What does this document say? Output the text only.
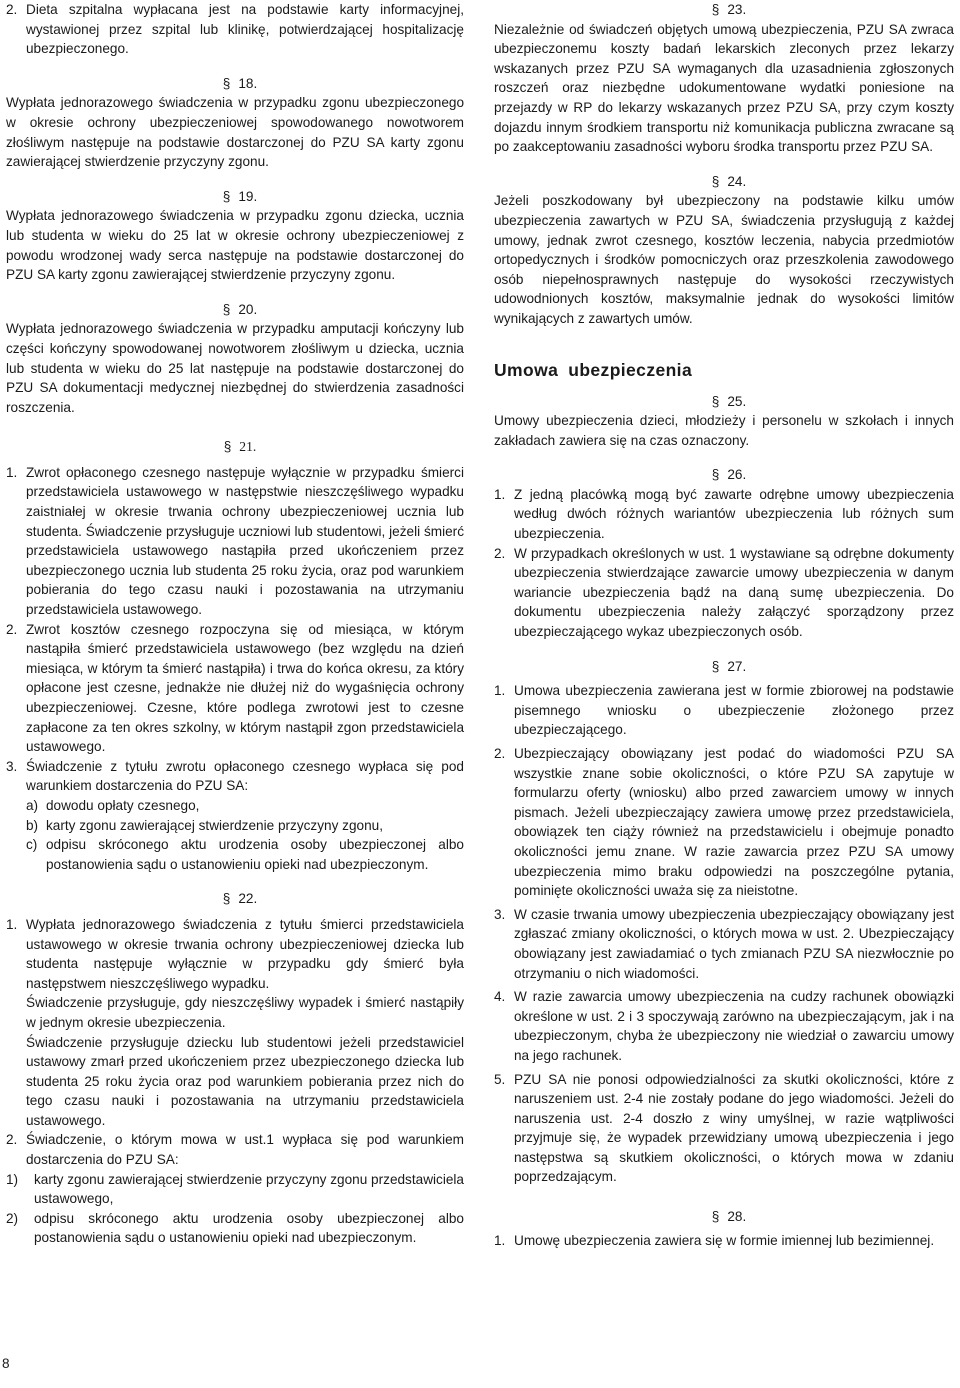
2. Dieta szpitalna wypłacana jest na podstawie karty informacyjnej, wystawionej przez szpital lub klinikę, potwierdzającej hospitalizację ubezpieczonego.

§ 18.

Wypłata jednorazowego świadczenia w przypadku zgonu ubezpieczonego w okresie ochrony ubezpieczeniowej spowodowanego nowotworem złośliwym następuje na podstawie dostarczonej do PZU SA karty zgonu zawierającej stwierdzenie przyczyny zgonu.

§ 19.

Wypłata jednorazowego świadczenia w przypadku zgonu dziecka, ucznia lub studenta w wieku do 25 lat w okresie ochrony ubezpieczeniowej z powodu wrodzonej wady serca następuje na podstawie dostarczonej do PZU SA karty zgonu zawierającej stwierdzenie przyczyny zgonu.

§ 20.

Wypłata jednorazowego świadczenia w przypadku amputacji kończyny lub części kończyny spowodowanej nowotworem złośliwym u dziecka, ucznia lub studenta w wieku do 25 lat następuje na podstawie dostarczonej do PZU SA dokumentacji medycznej niezbędnej do stwierdzenia zasadności roszczenia.

§ 21.

1. Zwrot opłaconego czesnego następuje wyłącznie w przypadku śmierci przedstawiciela ustawowego w następstwie nieszczęśliwego wypadku zaistniałej w okresie trwania ochrony ubezpieczeniowej ucznia lub studenta. Świadczenie przysługuje uczniowi lub studentowi, jeżeli śmierć przedstawiciela ustawowego nastąpiła przed ukończeniem przez ubezpieczonego ucznia lub studenta 25 roku życia, oraz pod warunkiem pobierania do tego czasu nauki i pozostawania na utrzymaniu przedstawiciela ustawowego.

2. Zwrot kosztów czesnego rozpoczyna się od miesiąca, w którym nastąpiła śmierć przedstawiciela ustawowego (bez względu na dzień miesiąca, w którym ta śmierć nastąpiła) i trwa do końca okresu, za który opłacone jest czesne, jednakże nie dłużej niż do wygaśnięcia ochrony ubezpieczeniowej. Czesne, które podlega zwrotowi jest to czesne zapłacone za ten okres szkolny, w którym nastąpił zgon przedstawiciela ustawowego.

3. Świadczenie z tytułu zwrotu opłaconego czesnego wypłaca się pod warunkiem dostarczenia do PZU SA:

a) dowodu opłaty czesnego,

b) karty zgonu zawierającej stwierdzenie przyczyny zgonu,

c) odpisu skróconego aktu urodzenia osoby ubezpieczonej albo postanowienia sądu o ustanowieniu opieki nad ubezpieczonym.

§ 22.

1. Wypłata jednorazowego świadczenia z tytułu śmierci przedstawiciela ustawowego w okresie trwania ochrony ubezpieczeniowej dziecka lub studenta następuje wyłącznie w przypadku gdy śmierć była następstwem nieszczęśliwego wypadku.

Świadczenie przysługuje, gdy nieszczęśliwy wypadek i śmierć nastąpiły w jednym okresie ubezpieczenia.

Świadczenie przysługuje dziecku lub studentowi jeżeli przedstawiciel ustawowy zmarł przed ukończeniem przez ubezpieczonego dziecka lub studenta 25 roku życia oraz pod warunkiem pobierania przez nich do tego czasu nauki i pozostawania na utrzymaniu przedstawiciela ustawowego.

2. Świadczenie, o którym mowa w ust.1 wypłaca się pod warunkiem dostarczenia do PZU SA:

1)	karty zgonu zawierającej stwierdzenie przyczyny zgonu przedstawiciela ustawowego,

2)	odpisu skróconego aktu urodzenia osoby ubezpieczonej albo postanowienia sądu o ustanowieniu opieki nad ubezpieczonym.

§ 23.

Niezależnie od świadczeń objętych umową ubezpieczenia, PZU SA zwraca ubezpieczonemu koszty badań lekarskich zleconych przez lekarzy wskazanych przez PZU SA wymaganych dla uzasadnienia zgłoszonych roszczeń oraz niezbędne udokumentowane wydatki poniesione na przejazdy w RP do lekarzy wskazanych przez PZU SA, przy czym koszty dojazdu innym środkiem transportu niż komunikacja publiczna zwracane są po zaakceptowaniu zasadności wyboru środka transportu przez PZU SA.

§ 24.

Jeżeli poszkodowany był ubezpieczony na podstawie kilku umów ubezpieczenia zawartych w PZU SA, świadczenia przysługują z każdej umowy, jednak zwrot czesnego, kosztów leczenia, nabycia przedmiotów ortopedycznych i środków pomocniczych oraz przeszkolenia zawodowego osób niepełnosprawnych następuje do wysokości rzeczywistych udowodnionych kosztów, maksymalnie jednak do wysokości limitów wynikających z zawartych umów.

Umowa ubezpieczenia

§ 25.

Umowy ubezpieczenia dzieci, młodzieży i personelu w szkołach i innych zakładach zawiera się na czas oznaczony.

§ 26.

1. Z jedną placówką mogą być zawarte odrębne umowy ubezpieczenia według dwóch różnych wariantów ubezpieczenia lub różnych sum ubezpieczenia.

2. W przypadkach określonych w ust. 1 wystawiane są odrębne dokumenty ubezpieczenia stwierdzające zawarcie umowy ubezpieczenia w danym wariancie ubezpieczenia bądź na daną sumę ubezpieczenia. Do dokumentu ubezpieczenia należy załączyć sporządzony przez ubezpieczającego wykaz ubezpieczonych osób.

§ 27.

1. Umowa ubezpieczenia zawierana jest w formie zbiorowej na podstawie pisemnego wniosku o ubezpieczenie złożonego przez ubezpieczającego.

2. Ubezpieczający obowiązany jest podać do wiadomości PZU SA wszystkie znane sobie okoliczności, o które PZU SA zapytuje w formularzu oferty (wniosku) albo przed zawarciem umowy w innych pismach. Jeżeli ubezpieczający zawiera umowę przez przedstawiciela, obowiązek ten ciąży również na przedstawicielu i obejmuje ponadto okoliczności jemu znane. W razie zawarcia przez PZU SA umowy ubezpieczenia mimo braku odpowiedzi na poszczególne pytania, pominięte okoliczności uważa się za nieistotne.

3. W czasie trwania umowy ubezpieczenia ubezpieczający obowiązany jest zgłaszać zmiany okoliczności, o których mowa w ust. 2. Ubezpieczający obowiązany jest zawiadamiać o tych zmianach PZU SA niezwłocznie po otrzymaniu o nich wiadomości.

4. W razie zawarcia umowy ubezpieczenia na cudzy rachunek obowiązki określone w ust. 2 i 3 spoczywają zarówno na ubezpieczającym, jak i na ubezpieczonym, chyba że ubezpieczony nie wiedział o zawarciu umowy na jego rachunek.

5. PZU SA nie ponosi odpowiedzialności za skutki okoliczności, które z naruszeniem ust. 2-4 nie zostały podane do jego wiadomości. Jeżeli do naruszenia ust. 2-4 doszło z winy umyślnej, w razie wątpliwości przyjmuje się, że wypadek przewidziany umową ubezpieczenia i jego następstwa są skutkiem okoliczności, o których mowa w zdaniu poprzedzającym.

§ 28.

1. Umowę ubezpieczenia zawiera się w formie imiennej lub bezimiennej.

8
